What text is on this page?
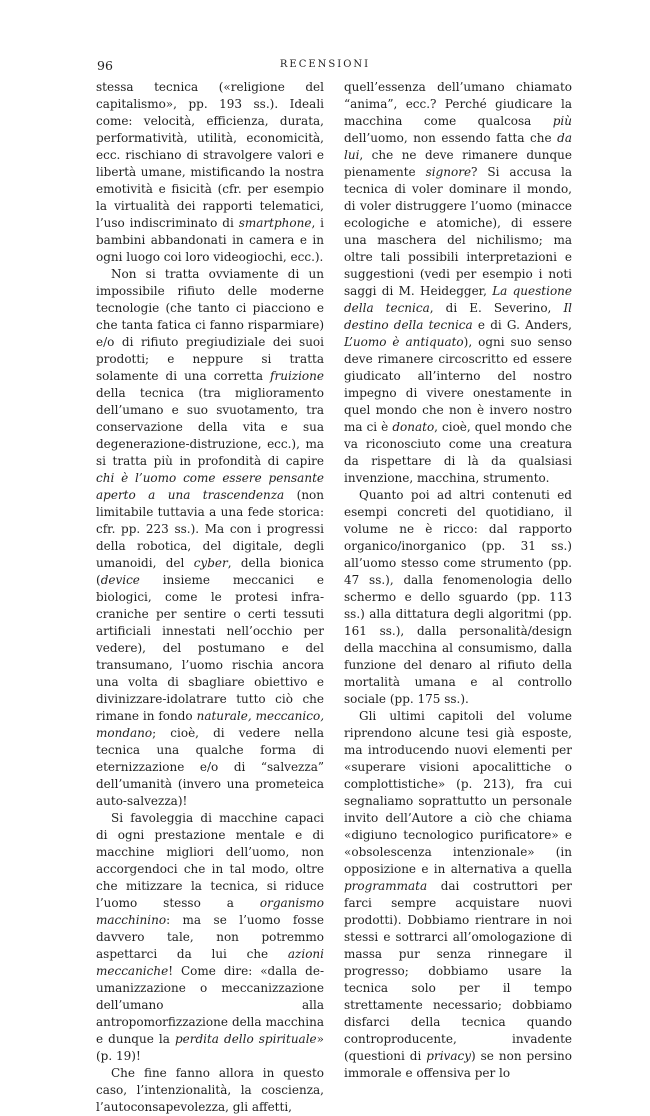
96	RECENSIONI

stessa tecnica («religione del capitalismo», pp. 193 ss.). Ideali come: velocità, efficienza, durata, performatività, utilità, economicità, ecc. rischiano di stravolgere valori e libertà umane, mistificando la nostra emotività e fisicità (cfr. per esempio la virtualità dei rapporti telematici, l’uso indiscriminato di smartphone, i bambini abbandonati in camera e in ogni luogo coi loro videogiochi, ecc.).

Non si tratta ovviamente di un impossibile rifiuto delle moderne tecnologie (che tanto ci piacciono e che tanta fatica ci fanno risparmiare) e/o di rifiuto pregiudiziale dei suoi prodotti; e neppure si tratta solamente di una corretta fruizione della tecnica (tra miglioramento dell’umano e suo svuotamento, tra conservazione della vita e sua degenerazione-distruzione, ecc.), ma si tratta più in profondità di capire chi è l’uomo come essere pensante aperto a una trascendenza (non limitabile tuttavia a una fede storica: cfr. pp. 223 ss.). Ma con i progressi della robotica, del digitale, degli umanoidi, del cyber, della bionica (device insieme meccanici e biologici, come le protesi infra-craniche per sentire o certi tessuti artificiali innestati nell’occhio per vedere), del postumano e del transumano, l’uomo rischia ancora una volta di sbagliare obiettivo e divinizzare-idolatrare tutto ciò che rimane in fondo naturale, meccanico, mondano; cioè, di vedere nella tecnica una qualche forma di eternizzazione e/o di “salvezza” dell’umanità (invero una prometeica auto-salvezza)!

Si favoleggia di macchine capaci di ogni prestazione mentale e di macchine migliori dell’uomo, non accorgendoci che in tal modo, oltre che mitizzare la tecnica, si riduce l’uomo stesso a organismo macchinino: ma se l’uomo fosse davvero tale, non potremmo aspettarci da lui che azioni meccaniche! Come dire: «dalla de-umanizzazione o meccanizzazione dell’umano alla antropomorfizzazione della macchina e dunque la perdita dello spirituale» (p. 19)!

Che fine fanno allora in questo caso, l’intenzionalità, la coscienza, l’autoconsapevolezza, gli affetti,

quell’essenza dell’umano chiamato “anima”, ecc.? Perché giudicare la macchina come qualcosa più dell’uomo, non essendo fatta che da lui, che ne deve rimanere dunque pienamente signore? Si accusa la tecnica di voler dominare il mondo, di voler distruggere l’uomo (minacce ecologiche e atomiche), di essere una maschera del nichilismo; ma oltre tali possibili interpretazioni e suggestioni (vedi per esempio i noti saggi di M. Heidegger, La questione della tecnica, di E. Severino, Il destino della tecnica e di G. Anders, L’uomo è antiquato), ogni suo senso deve rimanere circoscritto ed essere giudicato all’interno del nostro impegno di vivere onestamente in quel mondo che non è invero nostro ma ci è donato, cioè, quel mondo che va riconosciuto come una creatura da rispettare di là da qualsiasi invenzione, macchina, strumento.

Quanto poi ad altri contenuti ed esempi concreti del quotidiano, il volume ne è ricco: dal rapporto organico/inorganico (pp. 31 ss.) all’uomo stesso come strumento (pp. 47 ss.), dalla fenomenologia dello schermo e dello sguardo (pp. 113 ss.) alla dittatura degli algoritmi (pp. 161 ss.), dalla personalità/design della macchina al consumismo, dalla funzione del denaro al rifiuto della mortalità umana e al controllo sociale (pp. 175 ss.).

Gli ultimi capitoli del volume riprendono alcune tesi già esposte, ma introducendo nuovi elementi per «superare visioni apocalittiche o complottistiche» (p. 213), fra cui segnaliamo soprattutto un personale invito dell’Autore a ciò che chiama «digiuno tecnologico purificatore» e «obsolescenza intenzionale» (in opposizione e in alternativa a quella programmata dai costruttori per farci sempre acquistare nuovi prodotti). Dobbiamo rientrare in noi stessi e sottrarci all’omologazione di massa pur senza rinnegare il progresso; dobbiamo usare la tecnica solo per il tempo strettamente necessario; dobbiamo disfarci della tecnica quando controproducente, invadente (questioni di privacy) se non persino immorale e offensiva per lo
